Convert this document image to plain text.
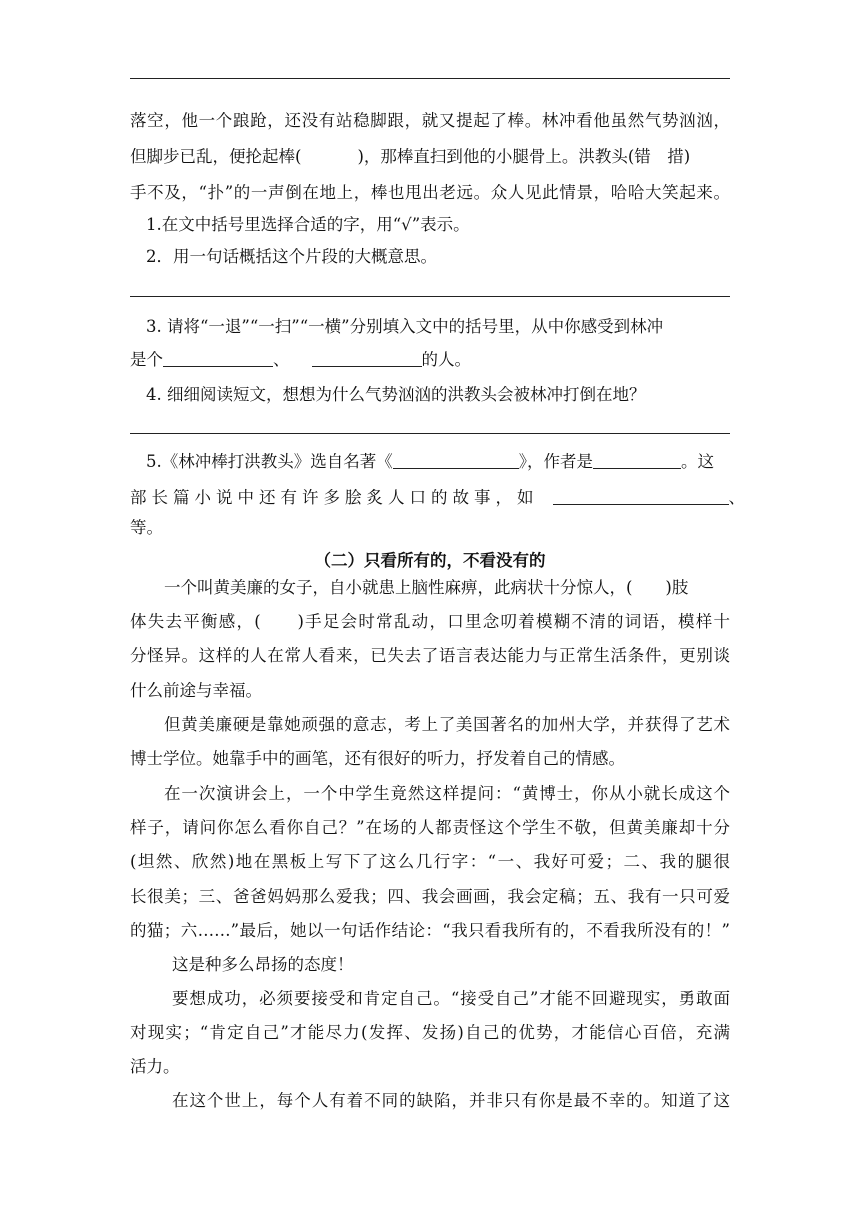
落空，他一个踉跄，还没有站稳脚跟，就又提起了棒。林冲看他虽然气势汹汹，
但脚步已乱，便抡起棒(	)，那棒直扫到他的小腿骨上。洪教头(错　措)
手不及，“扑”的一声倒在地上，棒也甩出老远。众人见此情景，哈哈大笑起来。
1.在文中括号里选择合适的字，用“√”表示。
2．用一句话概括这个片段的大概意思。
3. 请将“一退”“一扫”“一横”分别填入文中的括号里，从中你感受到林冲
是个	、	的人。
4. 细细阅读短文，想想为什么气势汹汹的洪教头会被林冲打倒在地？
5.《林冲棒打洪教头》选自名著《	》，作者是	。这
部长篇小说中还有许多脍炙人口的故事，如	、
等。
（二）只看所有的，不看没有的
一个叫黄美廉的女子，自小就患上脑性麻痹，此病状十分惊人，(　　)肢
体失去平衡感，(　　)手足会时常乱动，口里念叨着模糊不清的词语，模样十
分怪异。这样的人在常人看来，已失去了语言表达能力与正常生活条件，更别谈
什么前途与幸福。
但黄美廉硬是靠她顽强的意志，考上了美国著名的加州大学，并获得了艺术
博士学位。她靠手中的画笔，还有很好的听力，抒发着自己的情感。
在一次演讲会上，一个中学生竟然这样提问：“黄博士，你从小就长成这个
样子，请问你怎么看你自己？”在场的人都责怪这个学生不敬，但黄美廉却十分
(坦然、欣然)地在黑板上写下了这么几行字：“一、我好可爱；二、我的腿很
长很美；三、爸爸妈妈那么爱我；四、我会画画，我会定稿；五、我有一只可爱
的猫；六……”最后，她以一句话作结论：“我只看我所有的，不看我所没有的！”
这是种多么昂扬的态度！
要想成功，必须要接受和肯定自己。“接受自己”才能不回避现实，勇敢面
对现实；“肯定自己”才能尽力(发挥、发扬)自己的优势，才能信心百倍，充满
活力。
在这个世上，每个人有着不同的缺陷，并非只有你是最不幸的。知道了这
